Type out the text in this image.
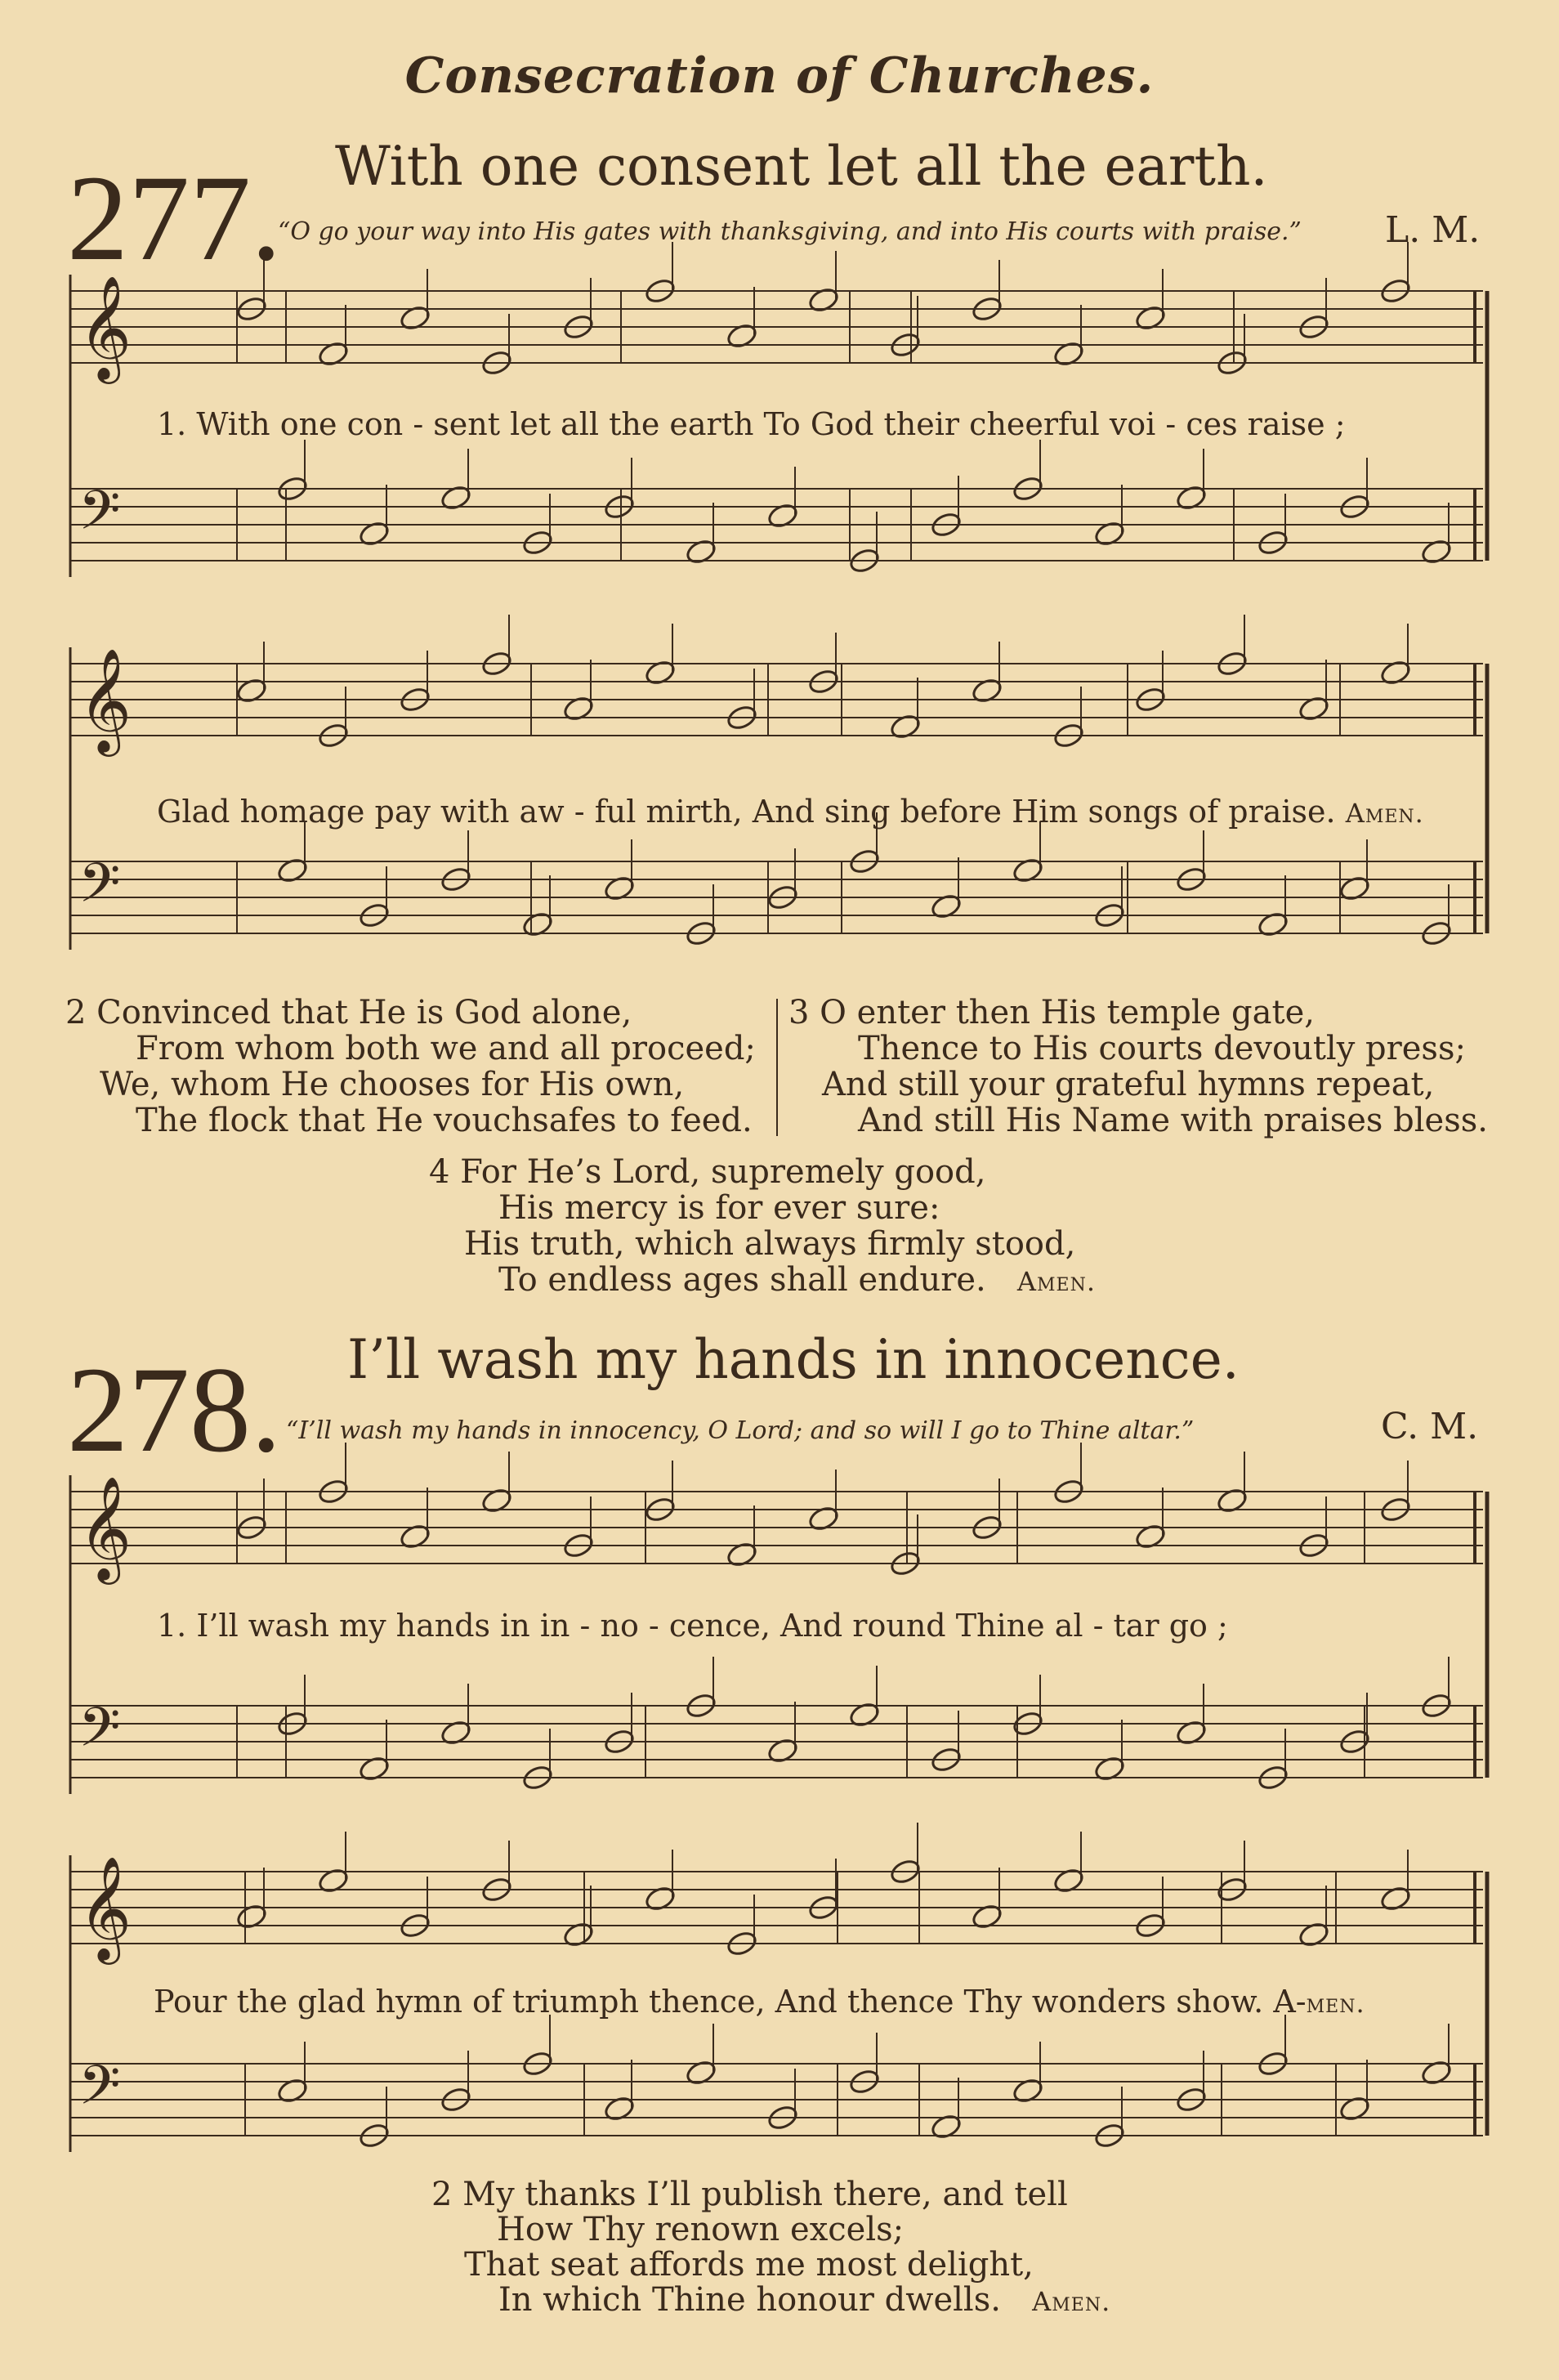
Consecration of Churches.
277. With one consent let all the earth.
“O go your way into His gates with thanksgiving, and into His courts with praise.” L. M.
𝄞
𝄢
𝄞
𝄢
𝄞
𝄢
𝄞
𝄢
1. With one con - sent let all the earth To God their cheerful voi - ces raise ;
Glad homage pay with aw - ful mirth, And sing before Him songs of praise. Amen.
2 Convinced that He is God alone,
From whom both we and all proceed;
We, whom He chooses for His own,
The flock that He vouchsafes to feed.
3 O enter then His temple gate,
Thence to His courts devoutly press;
And still your grateful hymns repeat,
And still His Name with praises bless.
4 For He’s Lord, supremely good,
His mercy is for ever sure:
His truth, which always firmly stood,
To endless ages shall endure. Amen.
278. I’ll wash my hands in innocence.
“I’ll wash my hands in innocency, O Lord; and so will I go to Thine altar.”	C. M.
1. I’ll wash my hands in in - no - cence, And round Thine al - tar go ;
Pour the glad hymn of triumph thence, And thence Thy wonders show. A-men.
2 My thanks I’ll publish there, and tell
How Thy renown excels;
That seat affords me most delight,
In which Thine honour dwells. Amen.
